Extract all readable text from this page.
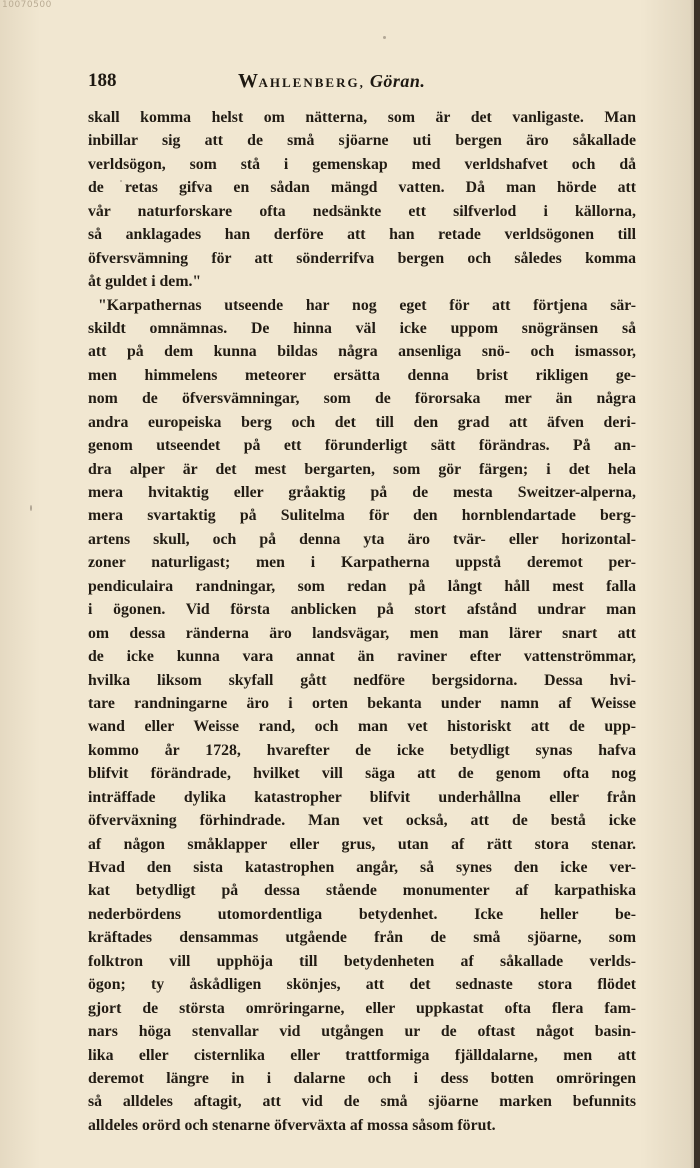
10070500
188	WAHLENBERG, Göran.
skall komma helst om nätterna, som är det vanligaste. Man
inbillar sig att de små sjöarne uti bergen äro såkallade
verldsögon, som stå i gemenskap med verldshafvet och då
de retas gifva en sådan mängd vatten. Då man hörde att
vår naturforskare ofta nedsänkte ett silfverlod i källorna,
så anklagades han derföre att han retade verldsögonen till
öfversvämning för att sönderrifva bergen och således komma
åt guldet i dem."
"Karpathernas utseende har nog eget för att förtjena sär-
skildt omnämnas. De hinna väl icke uppom snögränsen så
att på dem kunna bildas några ansenliga snö- och ismassor,
men himmelens meteorer ersätta denna brist rikligen ge-
nom de öfversvämningar, som de förorsaka mer än några
andra europeiska berg och det till den grad att äfven deri-
genom utseendet på ett förunderligt sätt förändras. På an-
dra alper är det mest bergarten, som gör färgen; i det hela
mera hvitaktig eller gråaktig på de mesta Sweitzer-alperna,
mera svartaktig på Sulitelma för den hornblendartade berg-
artens skull, och på denna yta äro tvär- eller horizontal-
zoner naturligast; men i Karpatherna uppstå deremot per-
pendiculaira randningar, som redan på långt håll mest falla
i ögonen. Vid första anblicken på stort afstånd undrar man
om dessa ränderna äro landsvägar, men man lärer snart att
de icke kunna vara annat än raviner efter vattenströmmar,
hvilka liksom skyfall gått nedföre bergsidorna. Dessa hvi-
tare randningarne äro i orten bekanta under namn af Weisse
wand eller Weisse rand, och man vet historiskt att de upp-
kommo år 1728, hvarefter de icke betydligt synas hafva
blifvit förändrade, hvilket vill säga att de genom ofta nog
inträffade dylika katastropher blifvit underhållna eller från
öfverväxning förhindrade. Man vet också, att de bestå icke
af någon småklapper eller grus, utan af rätt stora stenar.
Hvad den sista katastrophen angår, så synes den icke ver-
kat betydligt på dessa stående monumenter af karpathiska
nederbördens utomordentliga betydenhet. Icke heller be-
kräftades densammas utgående från de små sjöarne, som
folktron vill upphöja till betydenheten af såkallade verlds-
ögon; ty åskådligen skönjes, att det sednaste stora flödet
gjort de största omröringarne, eller uppkastat ofta flera fam-
nars höga stenvallar vid utgången ur de oftast något basin-
lika eller cisternlika eller trattformiga fjälldalarne, men att
deremot längre in i dalarne och i dess botten omröringen
så alldeles aftagit, att vid de små sjöarne marken befunnits
alldeles orörd och stenarne öfverväxta af mossa såsom förut.
